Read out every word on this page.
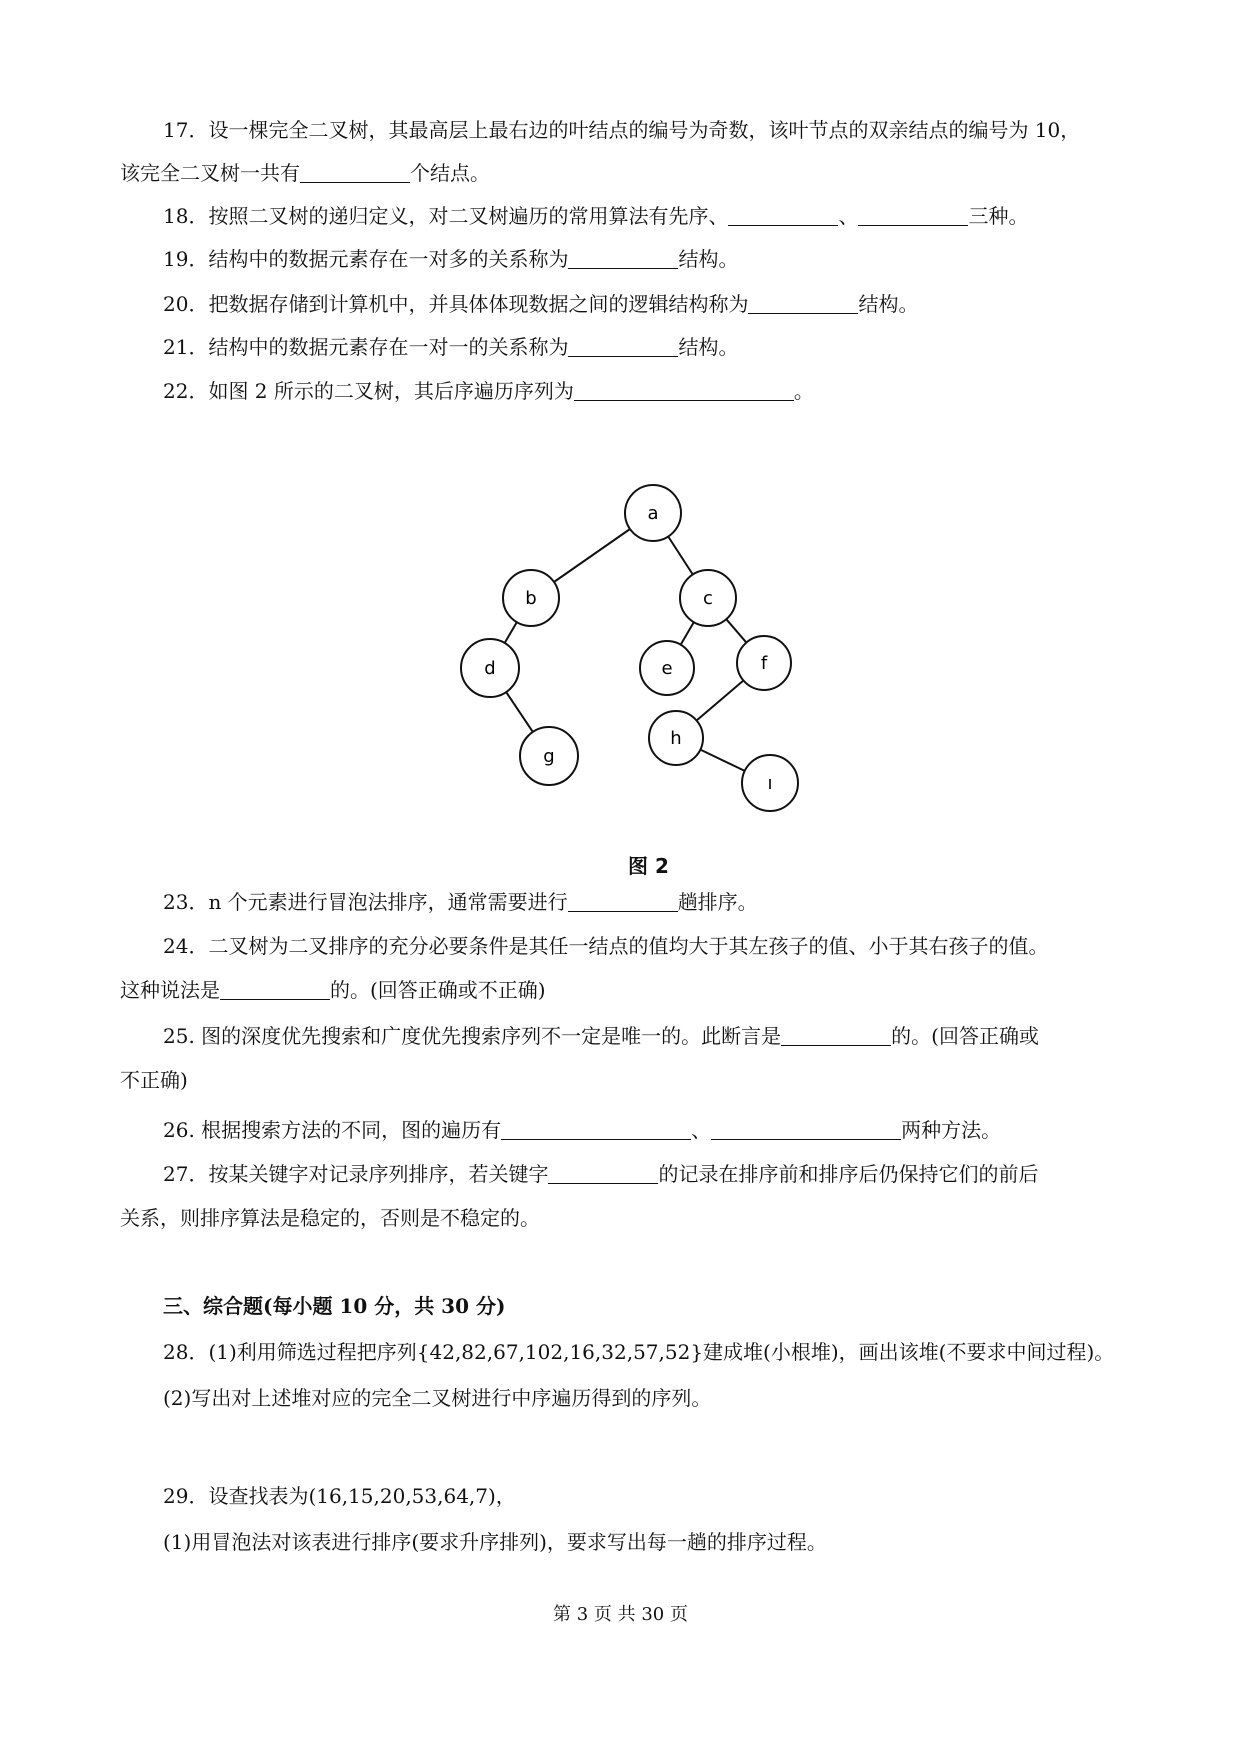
17．设一棵完全二叉树，其最高层上最右边的叶结点的编号为奇数，该叶节点的双亲结点的编号为 10，
该完全二叉树一共有	个结点。
18．按照二叉树的递归定义，对二叉树遍历的常用算法有先序、	、	三种。
19．结构中的数据元素存在一对多的关系称为	结构。
20．把数据存储到计算机中，并具体体现数据之间的逻辑结构称为	结构。
21．结构中的数据元素存在一对一的关系称为	结构。
22．如图 2 所示的二叉树，其后序遍历序列为	。
a
b	c
d	e	f
g
h
ı
图 2
23．n 个元素进行冒泡法排序，通常需要进行	趟排序。
24．二叉树为二叉排序的充分必要条件是其任一结点的值均大于其左孩子的值、小于其右孩子的值。
这种说法是	的。(回答正确或不正确)
25. 图的深度优先搜索和广度优先搜索序列不一定是唯一的。此断言是	的。(回答正确或
不正确)
26. 根据搜索方法的不同，图的遍历有	、	两种方法。
27．按某关键字对记录序列排序，若关键字	的记录在排序前和排序后仍保持它们的前后
关系，则排序算法是稳定的，否则是不稳定的。
三、综合题(每小题 10 分，共 30 分)
28．(1)利用筛选过程把序列{42,82,67,102,16,32,57,52}建成堆(小根堆)，画出该堆(不要求中间过程)。
(2)写出对上述堆对应的完全二叉树进行中序遍历得到的序列。
29．设查找表为(16,15,20,53,64,7)，
(1)用冒泡法对该表进行排序(要求升序排列)，要求写出每一趟的排序过程。
第 3 页 共 30 页
